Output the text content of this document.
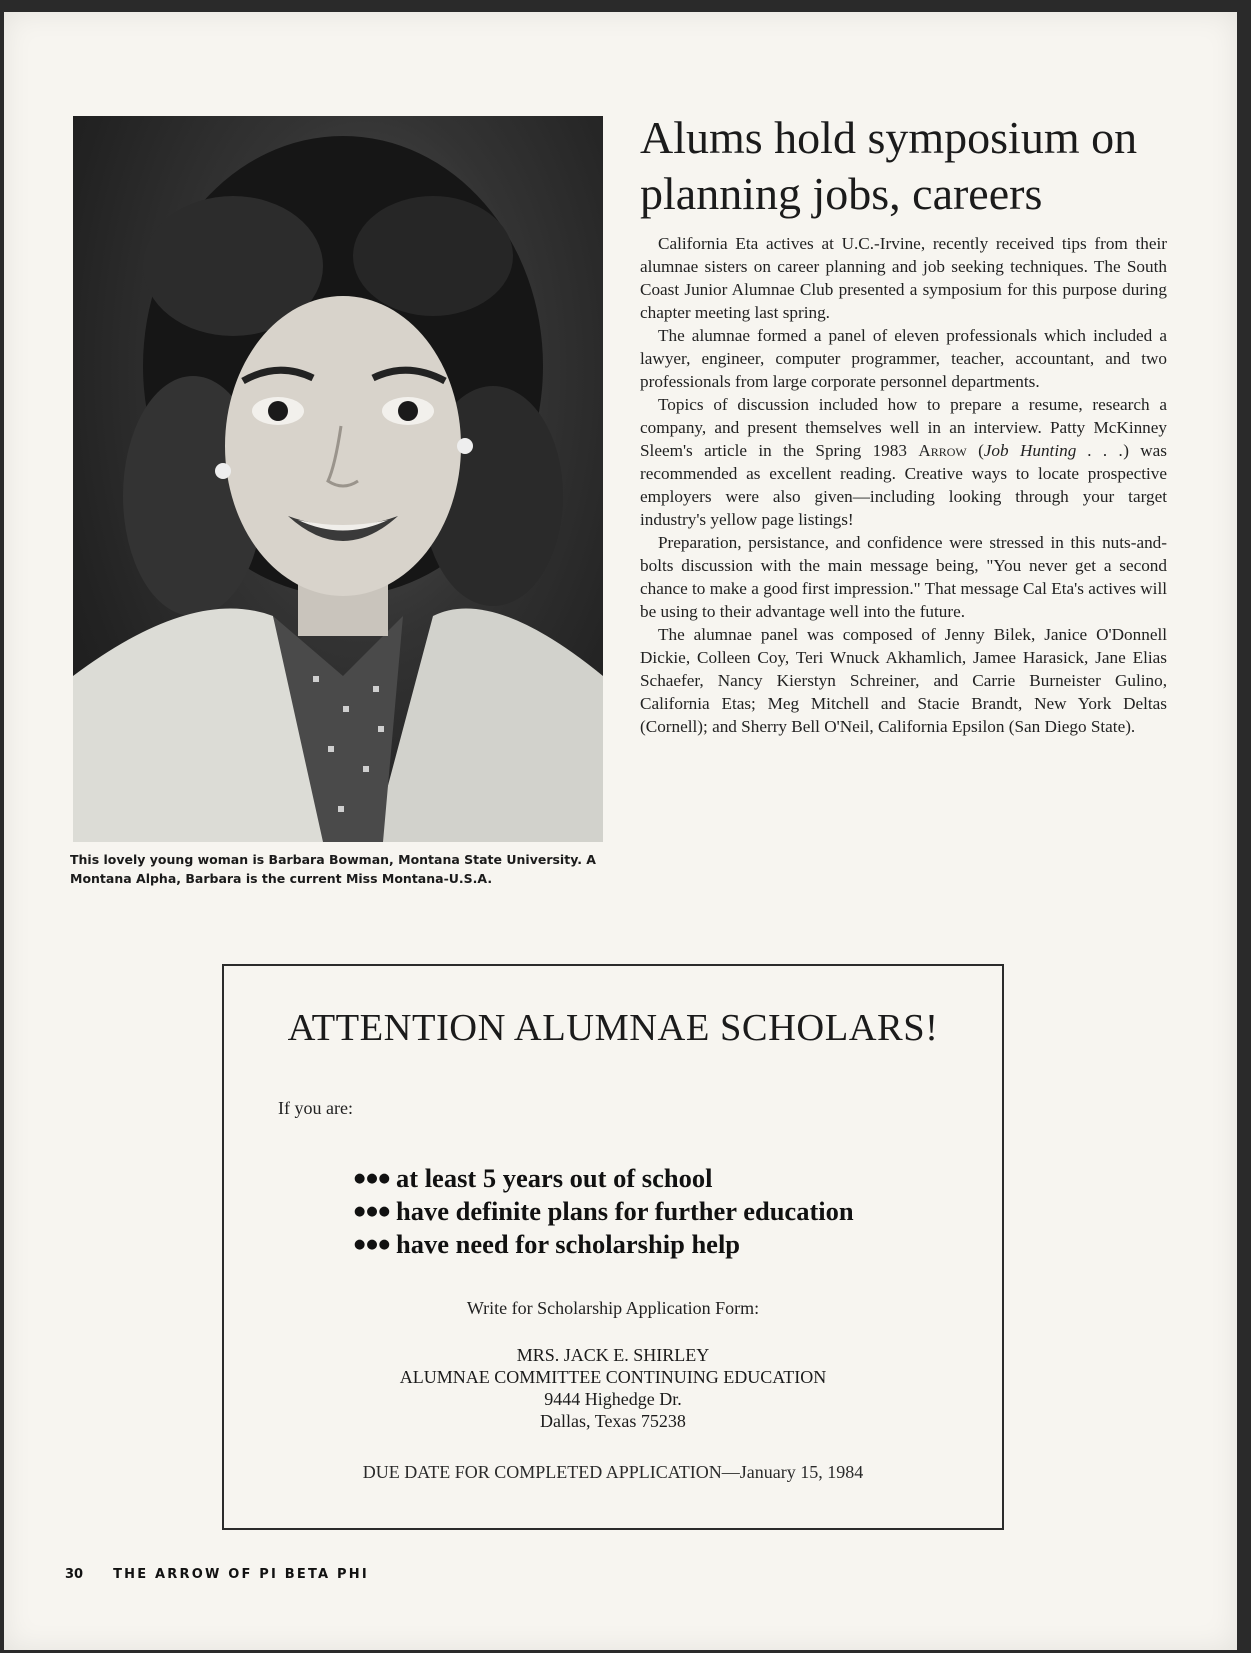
This lovely young woman is Barbara Bowman, Montana State University. A Montana Alpha, Barbara is the current Miss Montana-U.S.A.
Alums hold symposium on planning jobs, careers

California Eta actives at U.C.-Irvine, recently received tips from their alumnae sisters on career planning and job seeking techniques. The South Coast Junior Alumnae Club presented a symposium for this purpose during chapter meeting last spring.

The alumnae formed a panel of eleven professionals which included a lawyer, engineer, computer programmer, teacher, accountant, and two professionals from large corporate personnel departments.

Topics of discussion included how to prepare a resume, research a company, and present themselves well in an interview. Patty McKinney Sleem's article in the Spring 1983 Arrow (Job Hunting . . .) was recommended as excellent reading. Creative ways to locate prospective employers were also given—including looking through your target industry's yellow page listings!

Preparation, persistance, and confidence were stressed in this nuts-and-bolts discussion with the main message being, "You never get a second chance to make a good first impression." That message Cal Eta's actives will be using to their advantage well into the future.

The alumnae panel was composed of Jenny Bilek, Janice O'Donnell Dickie, Colleen Coy, Teri Wnuck Akhamlich, Jamee Harasick, Jane Elias Schaefer, Nancy Kierstyn Schreiner, and Carrie Burneister Gulino, California Etas; Meg Mitchell and Stacie Brandt, New York Deltas (Cornell); and Sherry Bell O'Neil, California Epsilon (San Diego State).

ATTENTION ALUMNAE SCHOLARS!
If you are:
●●● at least 5 years out of school
●●● have definite plans for further education
●●● have need for scholarship help
Write for Scholarship Application Form:
MRS. JACK E. SHIRLEY
ALUMNAE COMMITTEE CONTINUING EDUCATION
9444 Highedge Dr.
Dallas, Texas 75238
DUE DATE FOR COMPLETED APPLICATION—January 15, 1984
30 THE ARROW OF PI BETA PHI
